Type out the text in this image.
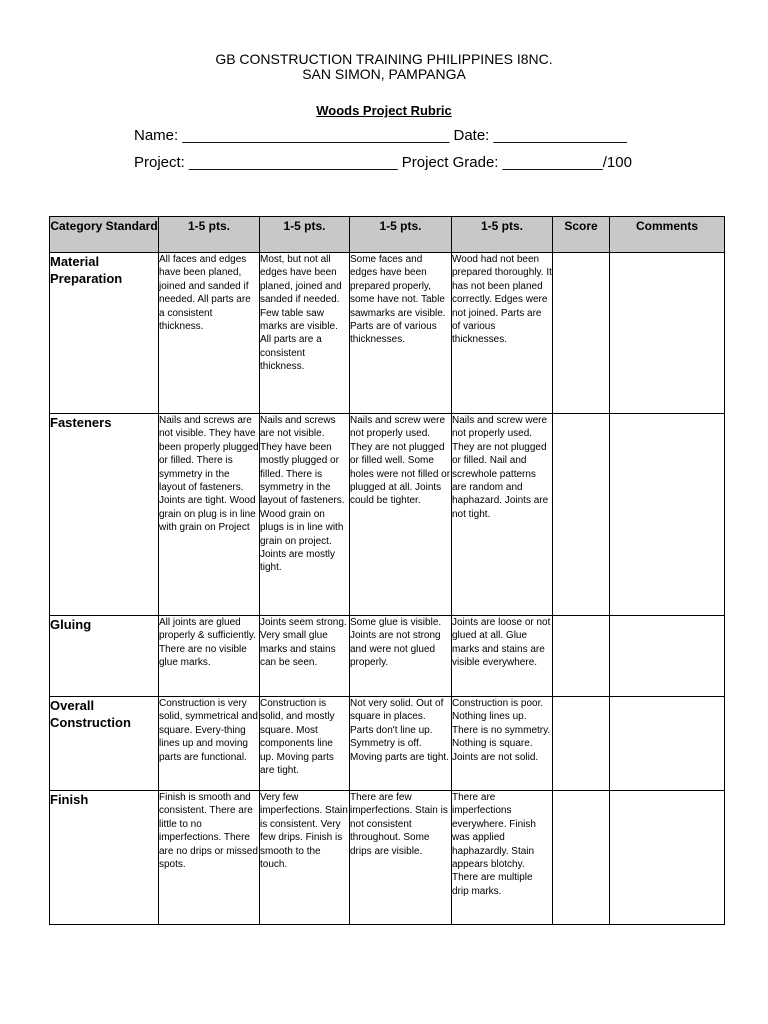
GB CONSTRUCTION TRAINING PHILIPPINES I8NC.
SAN SIMON, PAMPANGA
Woods Project Rubric
Name: ________________________________ Date: ________________
Project: _________________________ Project Grade: ____________/100
Category Standard	1-5 pts.	1-5 pts.	1-5 pts.	1-5 pts.	Score	Comments
Material Preparation	All faces and edges have been planed, joined and sanded if needed. All parts are a consistent thickness.	Most, but not all edges have been planed, joined and sanded if needed. Few table saw marks are visible. All parts are a consistent thickness.	Some faces and edges have been prepared properly, some have not. Table sawmarks are visible. Parts are of various thicknesses.	Wood had not been prepared thoroughly. It has not been planed correctly. Edges were not joined. Parts are of various thicknesses.		
Fasteners	Nails and screws are not visible. They have been properly plugged or filled. There is symmetry in the layout of fasteners. Joints are tight. Wood grain on plug is in line with grain on Project	Nails and screws are not visible. They have been mostly plugged or filled. There is symmetry in the layout of fasteners. Wood grain on plugs is in line with grain on project. Joints are mostly tight.	Nails and screw were not properly used. They are not plugged or filled well. Some holes were not filled or plugged at all. Joints could be tighter.	Nails and screw were not properly used. They are not plugged or filled. Nail and screwhole patterns are random and haphazard. Joints are not tight.		
Gluing	All joints are glued properly & sufficiently. There are no visible glue marks.	Joints seem strong. Very small glue marks and stains can be seen.	Some glue is visible. Joints are not strong and were not glued properly.	Joints are loose or not glued at all. Glue marks and stains are visible everywhere.		
Overall Construction	Construction is very solid, symmetrical and square. Every-thing lines up and moving parts are functional.	Construction is solid, and mostly square. Most components line up. Moving parts are tight.	Not very solid. Out of square in places. Parts don't line up. Symmetry is off. Moving parts are tight.	Construction is poor. Nothing lines up. There is no symmetry. Nothing is square. Joints are not solid.		
Finish	Finish is smooth and consistent. There are little to no imperfections. There are no drips or missed spots.	Very few imperfections. Stain is consistent. Very few drips. Finish is smooth to the touch.	There are few imperfections. Stain is not consistent throughout. Some drips are visible.	There are imperfections everywhere. Finish was applied haphazardly. Stain appears blotchy. There are multiple drip marks.		
